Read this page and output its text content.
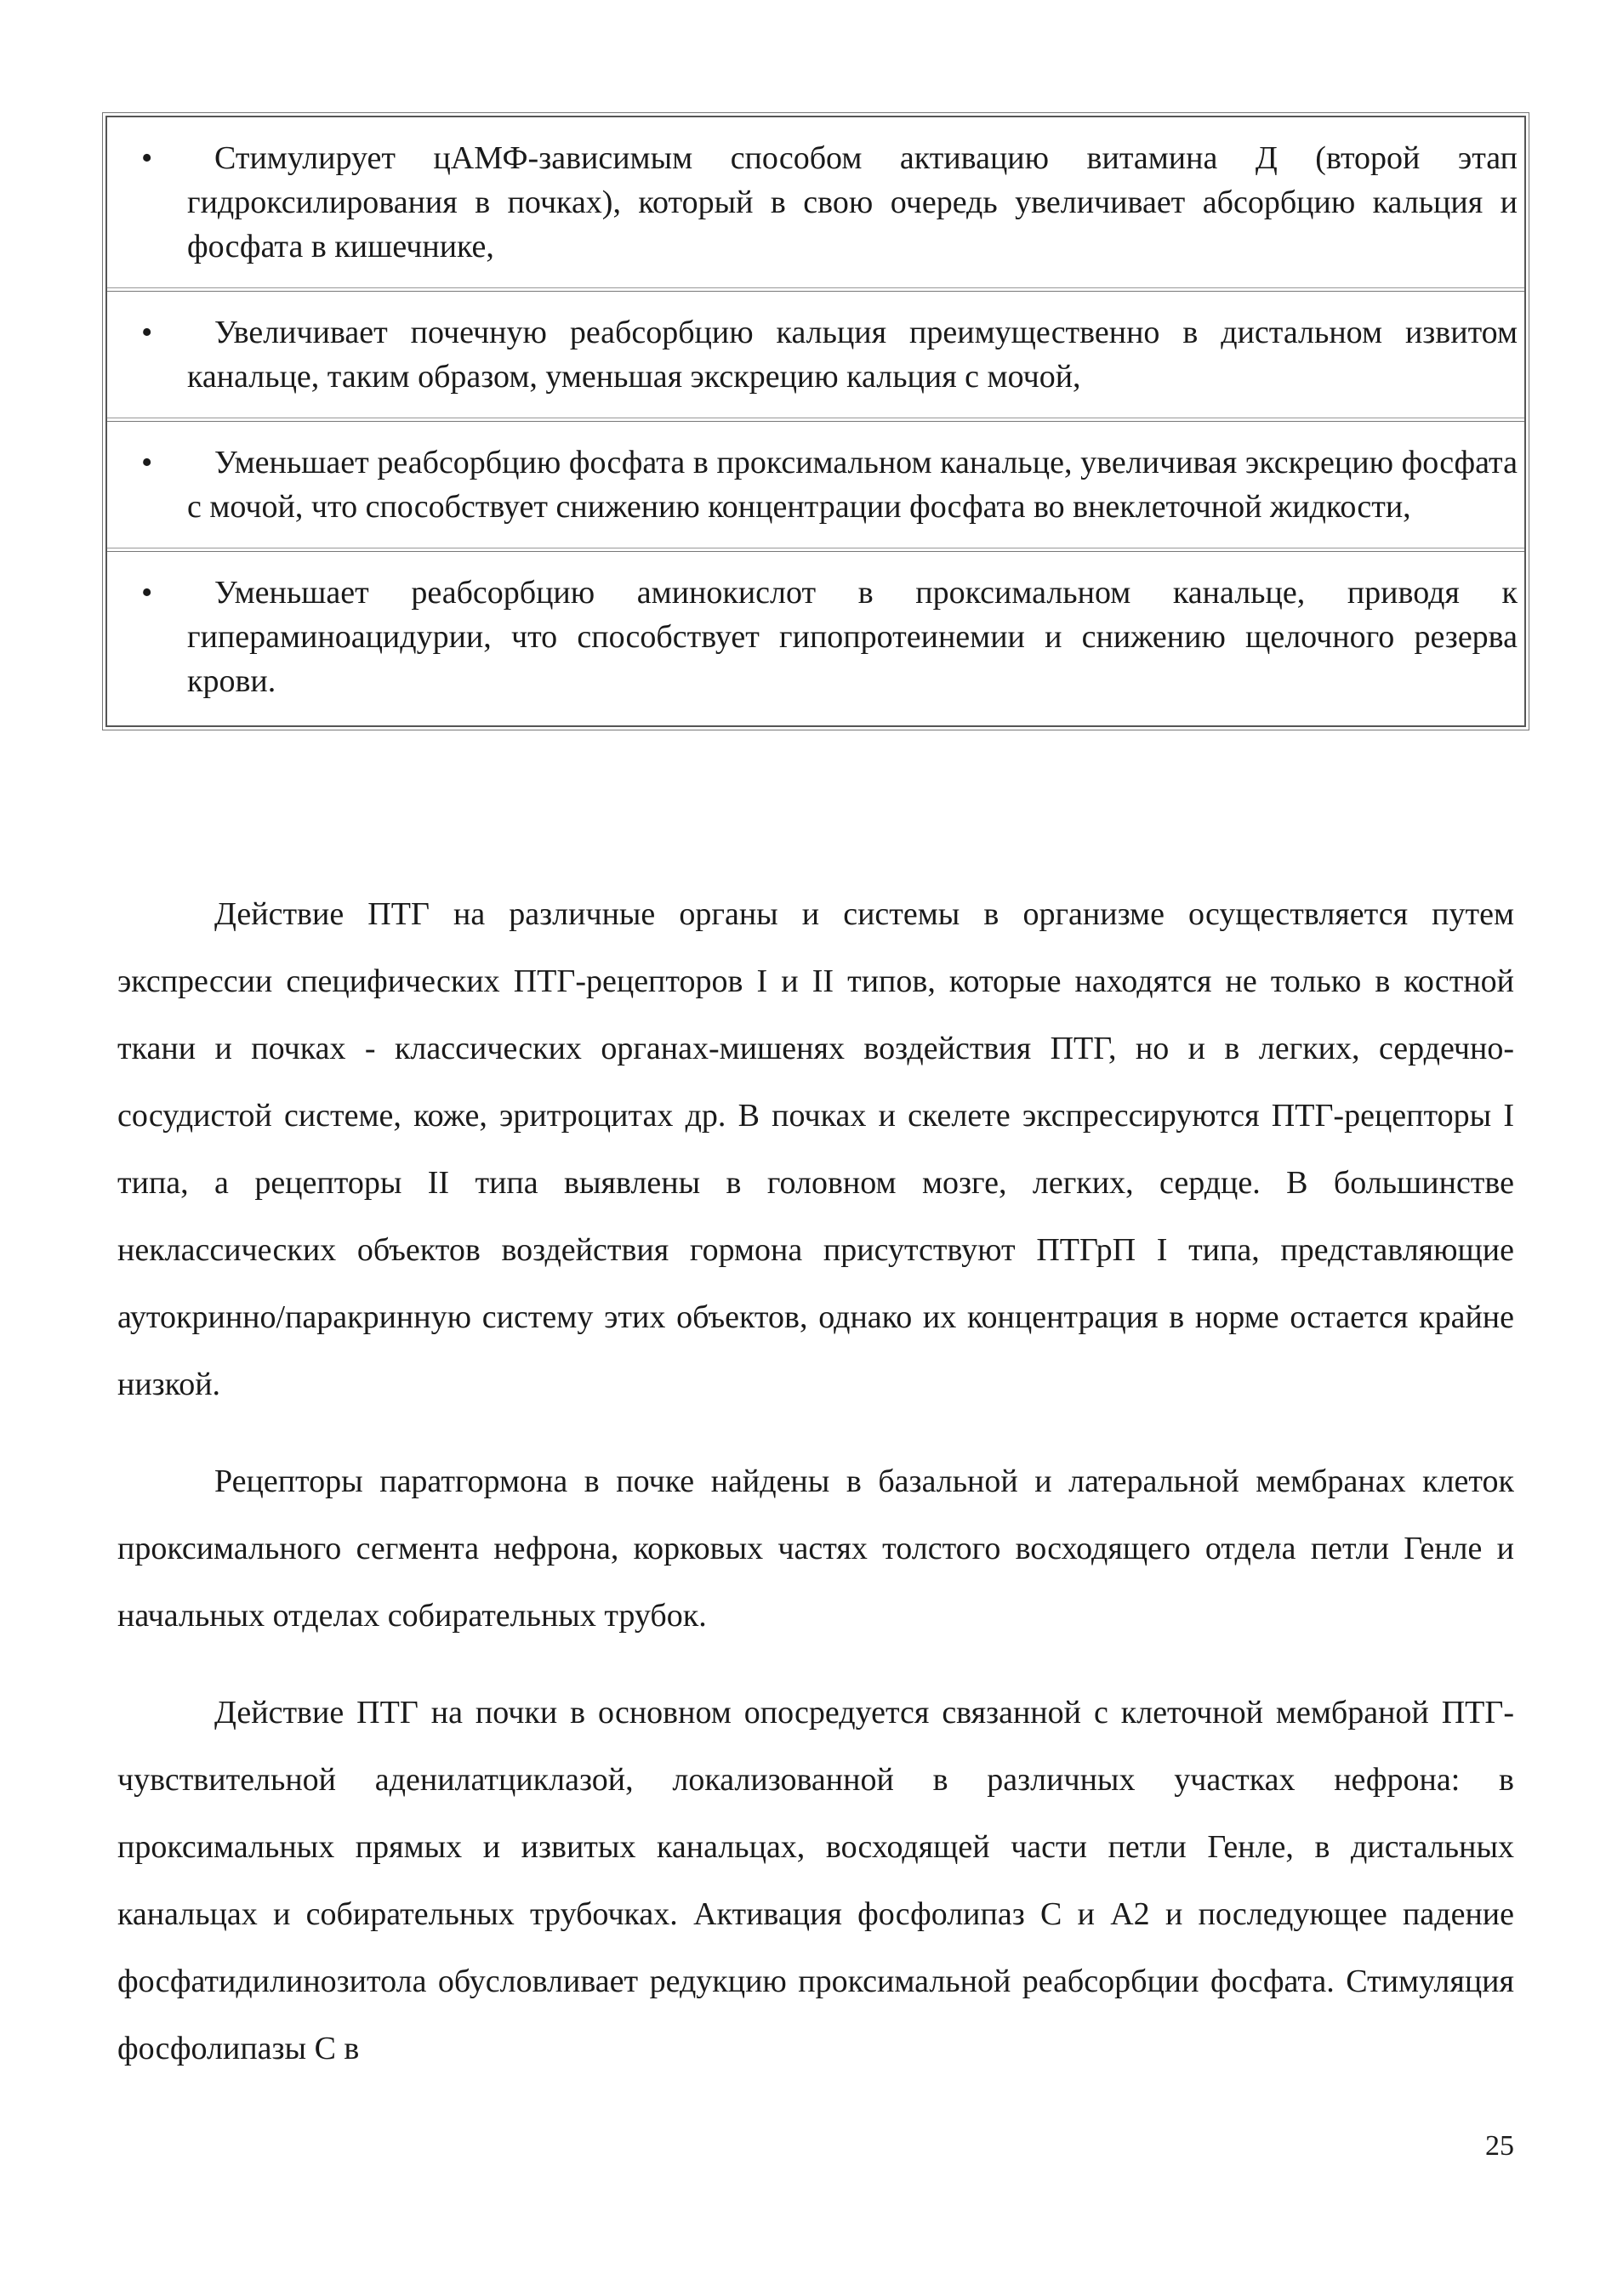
•	Стимулирует цАМФ-зависимым способом активацию витамина Д (второй этап гидроксилирования в почках), который в свою очередь увеличивает абсорбцию кальция и фосфата в кишечнике,
•	Увеличивает почечную реабсорбцию кальция преимущественно в дистальном извитом канальце, таким образом, уменьшая экскрецию кальция с мочой,
•	Уменьшает реабсорбцию фосфата в проксимальном канальце, увеличивая экскрецию фосфата с мочой, что способствует снижению концентрации фосфата во внеклеточной жидкости,
•	Уменьшает реабсорбцию аминокислот в проксимальном канальце, приводя к гипераминоацидурии, что способствует гипопротеинемии и снижению щелочного резерва крови.

Действие ПТГ на различные органы и системы в организме осуществляется путем экспрессии специфических ПТГ-рецепторов I и II типов, которые находятся не только в костной ткани и почках - классических органах-мишенях воздействия ПТГ, но и в легких, сердечно-сосудистой системе, коже, эритроцитах др. В почках и скелете экспрессируются ПТГ-рецепторы I типа, а рецепторы II типа выявлены в головном мозге, легких, сердце. В большинстве неклассических объектов воздействия гормона присутствуют ПТГрП I типа, представляющие аутокринно/паракринную систему этих объектов, однако их концентрация в норме остается крайне низкой.

Рецепторы паратгормона в почке найдены в базальной и латеральной мембранах клеток проксимального сегмента нефрона, корковых частях толстого восходящего отдела петли Генле и начальных отделах собирательных трубок.

Действие ПТГ на почки в основном опосредуется связанной с клеточной мембраной ПТГ-чувствительной аденилатциклазой, локализованной в различных участках нефрона: в проксимальных прямых и извитых канальцах, восходящей части петли Генле, в дистальных канальцах и собирательных трубочках. Активация фосфолипаз С и А2 и последующее падение фосфатидилинозитола обусловливает редукцию проксимальной реабсорбции фосфата. Стимуляция фосфолипазы С в

25
